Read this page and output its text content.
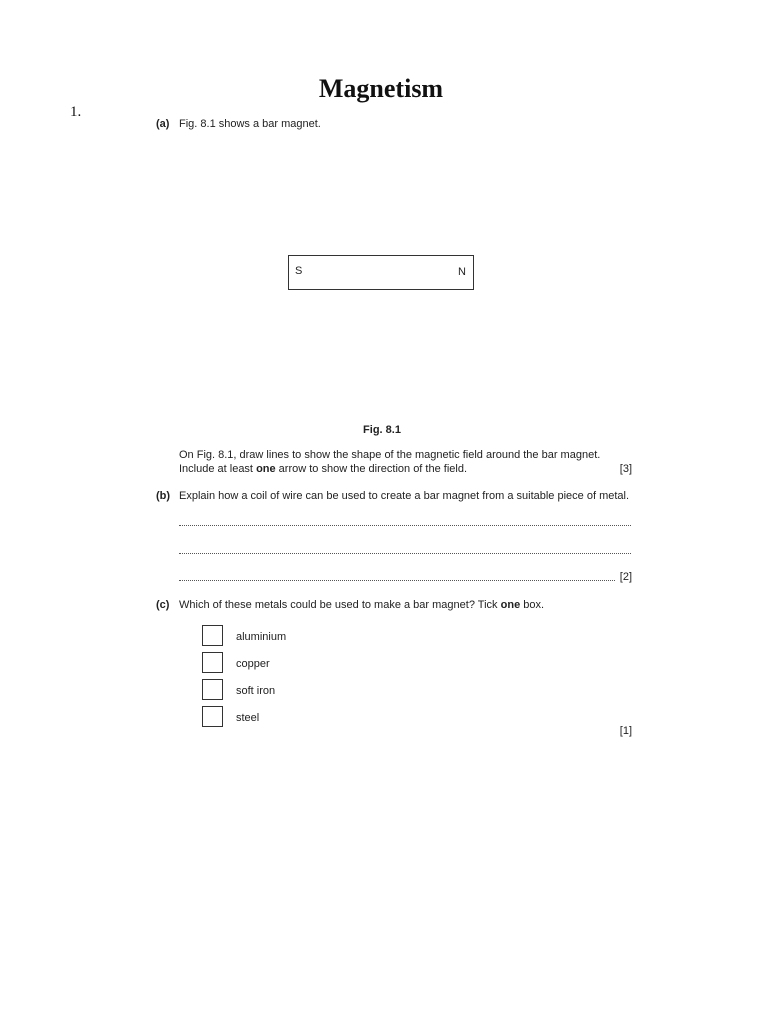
Magnetism
1.
(a) Fig. 8.1 shows a bar magnet.
S	N
Fig. 8.1
On Fig. 8.1, draw lines to show the shape of the magnetic field around the bar magnet.
Include at least one arrow to show the direction of the field.	[3]
(b) Explain how a coil of wire can be used to create a bar magnet from a suitable piece of metal.
[2]
(c) Which of these metals could be used to make a bar magnet? Tick one box.
aluminium
copper
soft iron
steel
[1]
